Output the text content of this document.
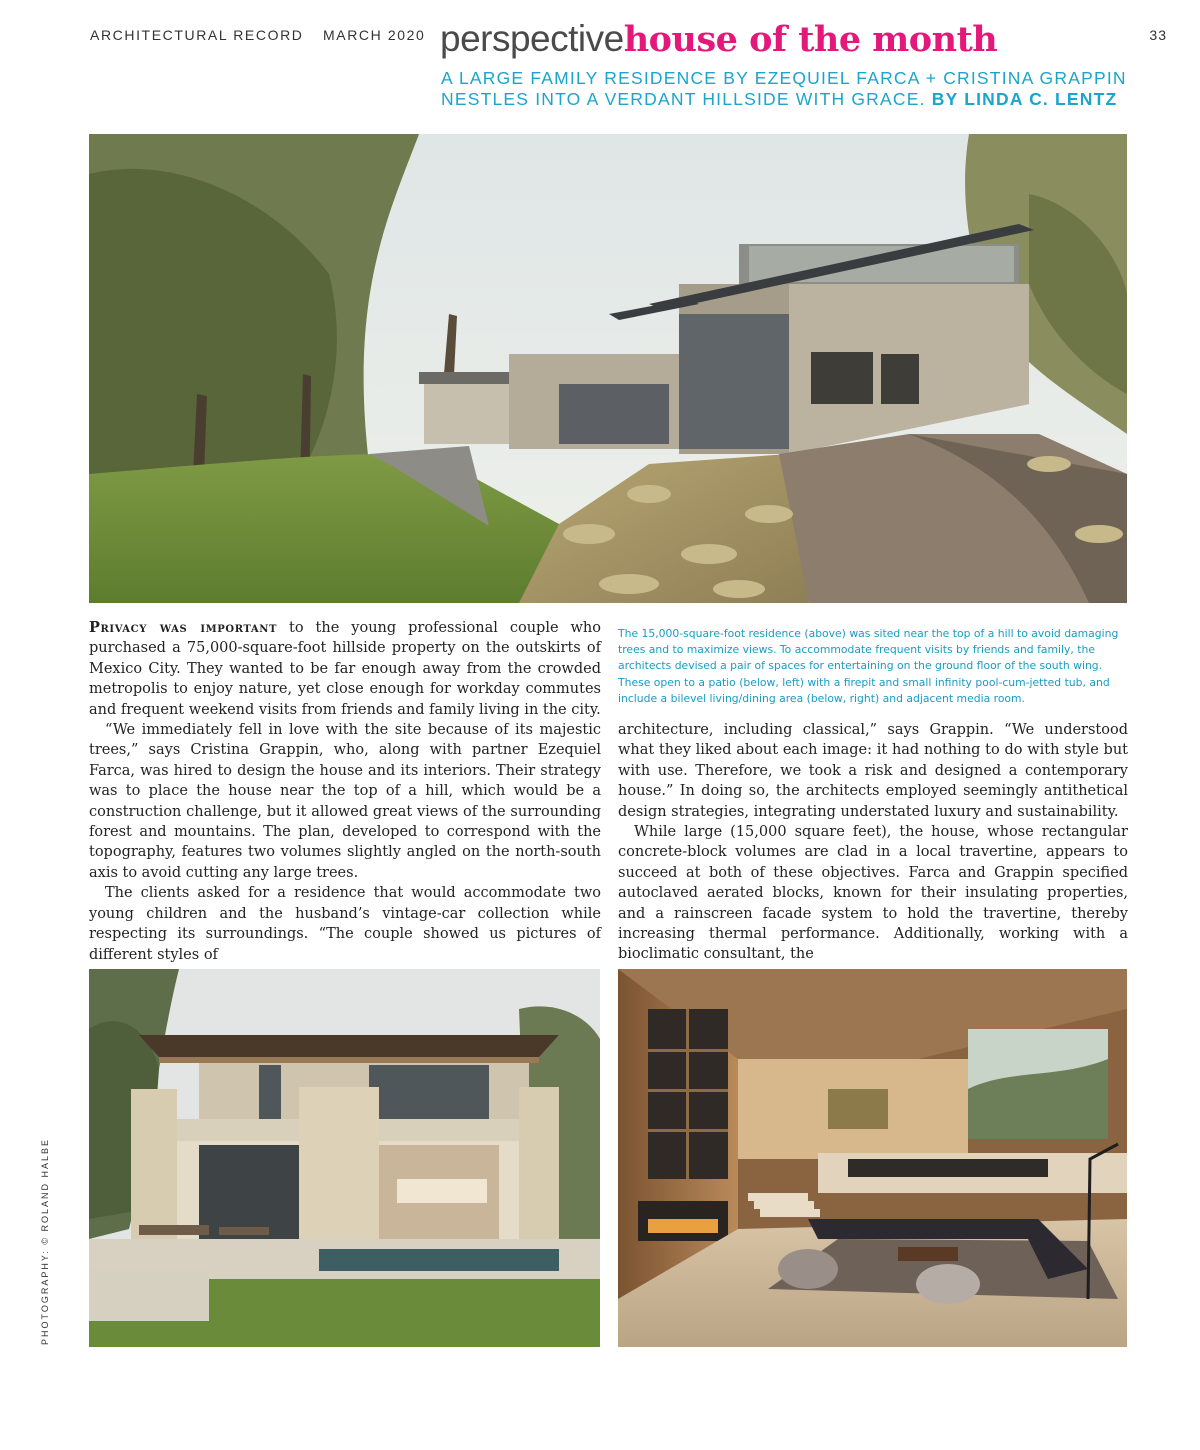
ARCHITECTURAL RECORD MARCH 2020	33
perspectivehouse of the month
A LARGE FAMILY RESIDENCE BY EZEQUIEL FARCA + CRISTINA GRAPPIN NESTLES INTO A VERDANT HILLSIDE WITH GRACE. BY LINDA C. LENTZ

Privacy was important to the young professional couple who purchased a 75,000-square-foot hillside property on the outskirts of Mexico City. They wanted to be far enough away from the crowded metropolis to enjoy nature, yet close enough for workday commutes and frequent weekend visits from friends and family living in the city.

“We immediately fell in love with the site because of its majestic trees,” says Cristina Grappin, who, along with partner Ezequiel Farca, was hired to design the house and its interiors. Their strategy was to place the house near the top of a hill, which would be a construction challenge, but it allowed great views of the surrounding forest and mountains. The plan, developed to correspond with the topography, features two volumes slightly angled on the north-south axis to avoid cutting any large trees.

The clients asked for a residence that would accommodate two young children and the husband’s vintage-car collection while respecting its surroundings. “The couple showed us pictures of different styles of

The 15,000-square-foot residence (above) was sited near the top of a hill to avoid damaging trees and to maximize views. To accommodate frequent visits by friends and family, the architects devised a pair of spaces for entertaining on the ground floor of the south wing. These open to a patio (below, left) with a firepit and small infinity pool-cum-jetted tub, and include a bilevel living/dining area (below, right) and adjacent media room.

architecture, including classical,” says Grappin. “We understood what they liked about each image: it had nothing to do with style but with use. Therefore, we took a risk and designed a contemporary house.” In doing so, the architects employed seemingly antithetical design strategies, integrating understated luxury and sustainability.

While large (15,000 square feet), the house, whose rectangular concrete-block volumes are clad in a local travertine, appears to succeed at both of these objectives. Farca and Grappin specified autoclaved aerated blocks, known for their insulating properties, and a rainscreen facade system to hold the travertine, thereby increasing thermal performance. Additionally, working with a bioclimatic consultant, the

PHOTOGRAPHY: © ROLAND HALBE
